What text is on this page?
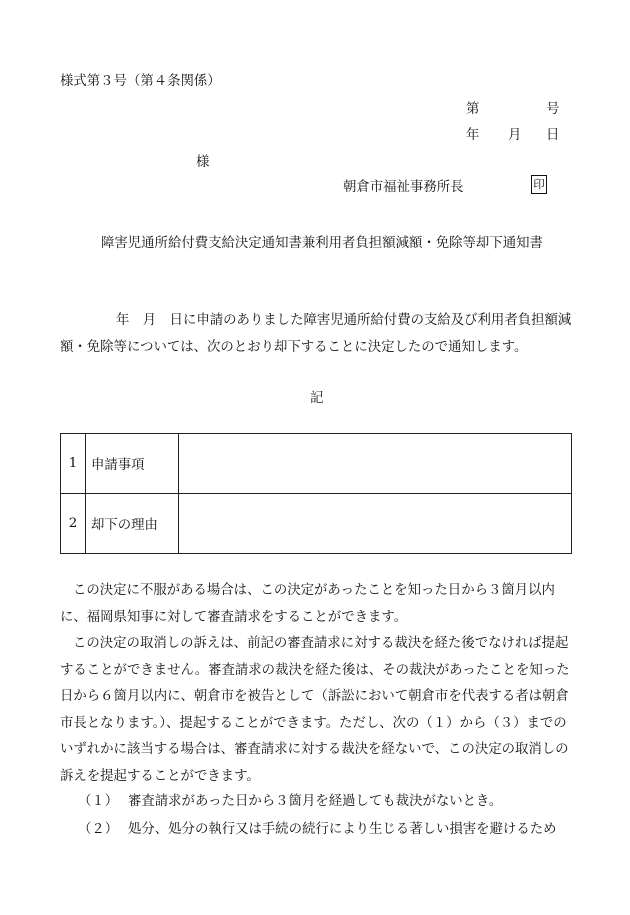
様式第３号（第４条関係）
第	号
年 月 日
様
朝倉市福祉事務所長	印
障害児通所給付費支給決定通知書兼利用者負担額減額・免除等却下通知書
年　月　日に申請のありました障害児通所給付費の支給及び利用者負担額減額・免除等については、次のとおり却下することに決定したので通知します。
記
1	申請事項	
2	却下の理由	
この決定に不服がある場合は、この決定があったことを知った日から３箇月以内に、福岡県知事に対して審査請求をすることができます。
この決定の取消しの訴えは、前記の審査請求に対する裁決を経た後でなければ提起することができません。審査請求の裁決を経た後は、その裁決があったことを知った日から６箇月以内に、朝倉市を被告として（訴訟において朝倉市を代表する者は朝倉市長となります。）、提起することができます。ただし、次の（１）から（３）までのいずれかに該当する場合は、審査請求に対する裁決を経ないで、この決定の取消しの訴えを提起することができます。
（１） 審査請求があった日から３箇月を経過しても裁決がないとき。
（２） 処分、処分の執行又は手続の続行により生じる著しい損害を避けるため
